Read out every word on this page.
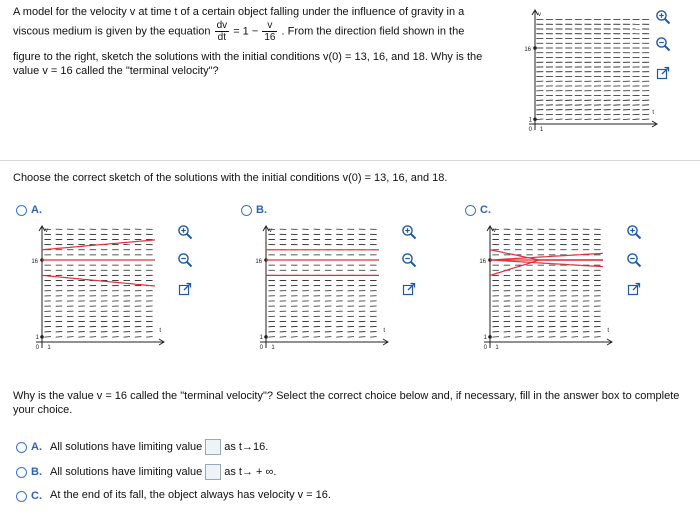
A model for the velocity v at time t of a certain object falling under the influence of gravity in a
viscous medium is given by the equation $\frac{dv}{dt} = 1 - \frac{v}{16}$ . From the direction field shown in the
figure to the right, sketch the solutions with the initial conditions v(0) = 13, 16, and 18. Why is the
value v = 16 called the "terminal velocity"?
16
1
0 1
v
t
Choose the correct sketch of the solutions with the initial conditions v(0) = 13, 16, and 18.
A.	B.	C.
16
1
0 1
v
t
16
1
0 1
v
t
16
1
0 1
v
t
Why is the value v = 16 called the "terminal velocity"? Select the correct choice below and, if necessary, fill in the answer box to complete
your choice.
A. All solutions have limiting value as t→16.
B. All solutions have limiting value as t→ + ∞.
C. At the end of its fall, the object always has velocity v = 16.
